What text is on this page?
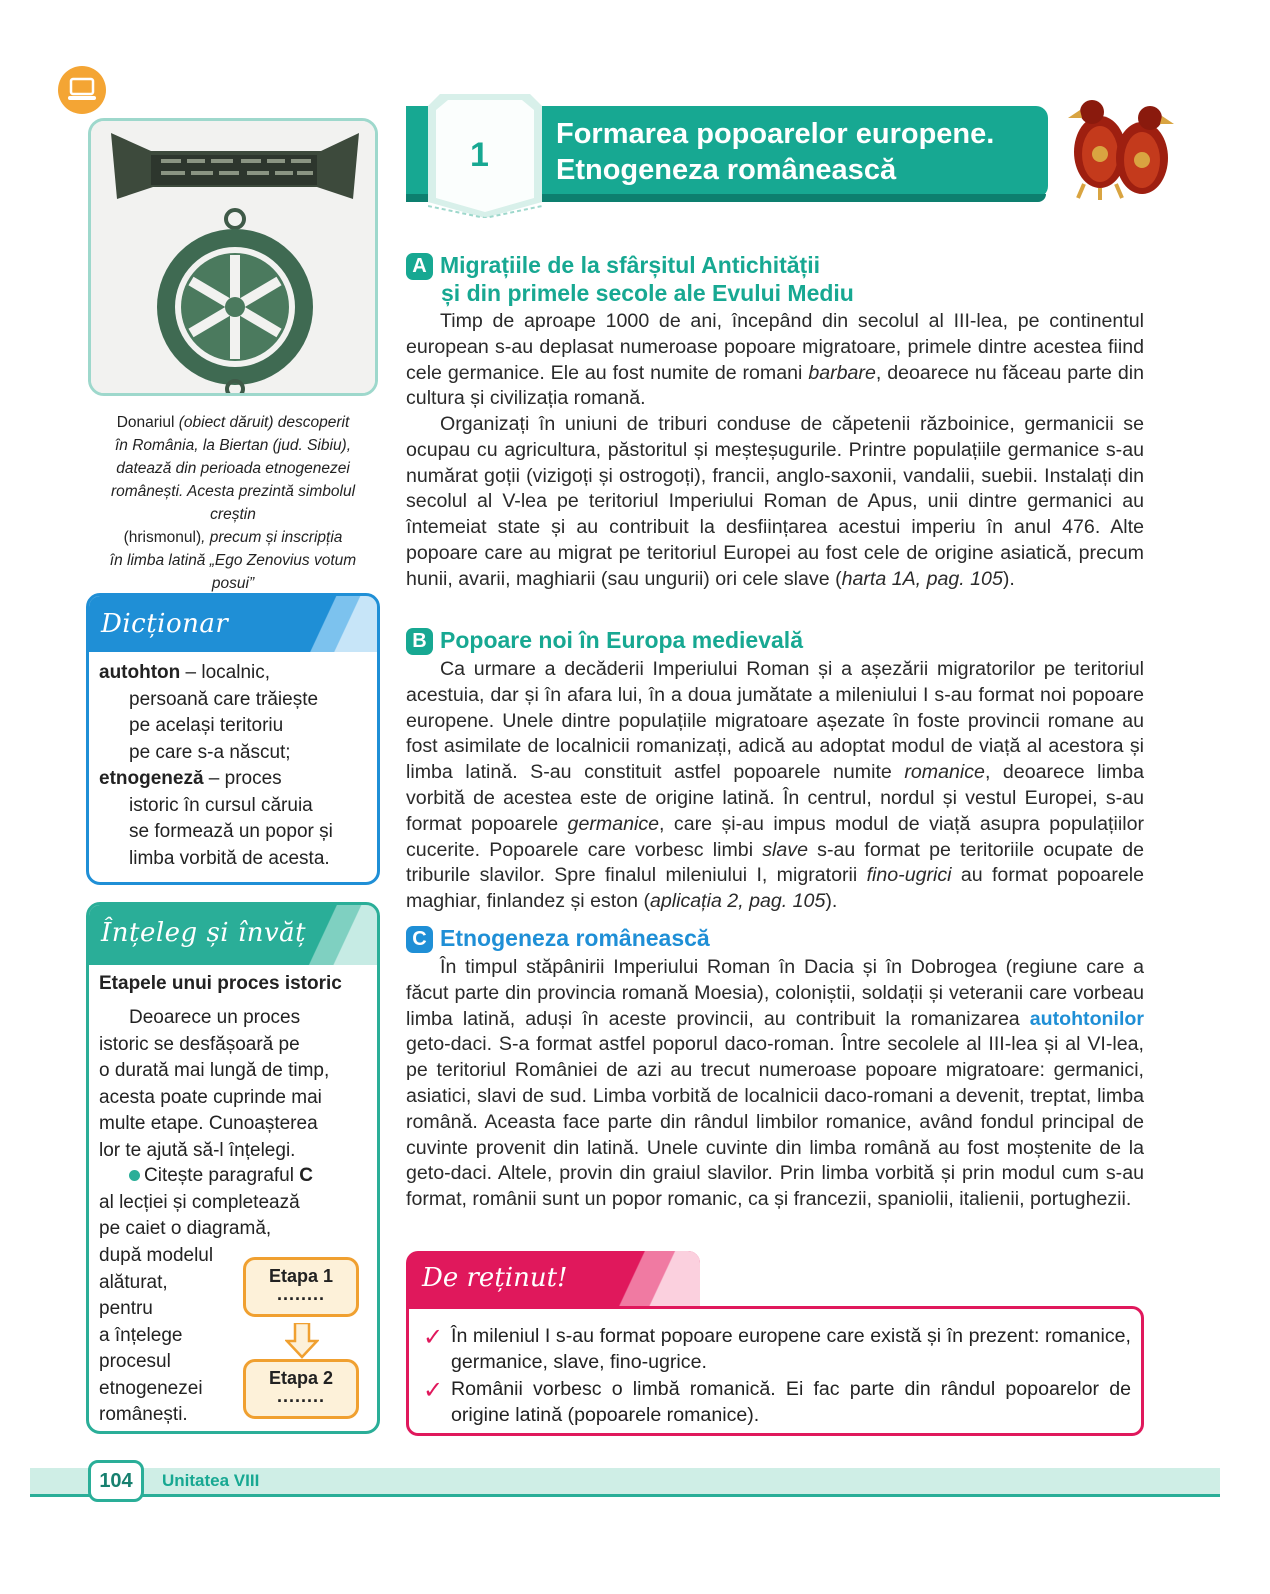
Donariul (obiect dăruit) descoperit
în România, la Biertan (jud. Sibiu),
datează din perioada etnogenezei
românești. Acesta prezintă simbolul creștin
(hrismonul), precum și inscripția
în limba latină „Ego Zenovius votum posui”
Dicționar
autohton – localnic,
persoană care trăiește
pe același teritoriu
pe care s-a născut;
etnogeneză – proces
istoric în cursul căruia
se formează un popor și
limba vorbită de acesta.
Înțeleg și învăț
Etapele unui proces istoric
Deoarece un proces
istoric se desfășoară pe
o durată mai lungă de timp,
acesta poate cuprinde mai
multe etape. Cunoașterea
lor te ajută să-l înțelegi.
Citește paragraful C
al lecției și completează
pe caiet o diagramă,
după modelul
alăturat,
pentru
a înțelege
procesul
etnogenezei
românești.
Etapa 1
........
Etapa 2
........
1
Formarea popoarelor europene.
Etnogeneza românească
A Migrațiile de la sfârșitul Antichității
și din primele secole ale Evului Mediu
Timp de aproape 1000 de ani, începând din secolul al III-lea, pe continentul european s-au deplasat numeroase popoare migratoare, primele dintre acestea fiind cele germanice. Ele au fost numite de romani barbare, deoarece nu făceau parte din cultura și civilizația romană.
Organizați în uniuni de triburi conduse de căpetenii războinice, germanicii se ocupau cu agricultura, păstoritul și meșteșugurile. Printre populațiile germanice s-au numărat goții (vizigoți și ostrogoți), francii, anglo-saxonii, vandalii, suebii. Instalați din secolul al V-lea pe teritoriul Imperiului Roman de Apus, unii dintre germanici au întemeiat state și au contribuit la desființarea acestui imperiu în anul 476. Alte popoare care au migrat pe teritoriul Europei au fost cele de origine asiatică, precum hunii, avarii, maghiarii (sau ungurii) ori cele slave (harta 1A, pag. 105).
B Popoare noi în Europa medievală
Ca urmare a decăderii Imperiului Roman și a așezării migratorilor pe teritoriul acestuia, dar și în afara lui, în a doua jumătate a mileniului I s-au format noi popoare europene. Unele dintre populațiile migratoare așezate în foste provincii romane au fost asimilate de localnicii romanizați, adică au adoptat modul de viață al acestora și limba latină. S-au constituit astfel popoarele numite romanice, deoarece limba vorbită de acestea este de origine latină. În centrul, nordul și vestul Europei, s-au format popoarele germanice, care și-au impus modul de viață asupra populațiilor cucerite. Popoarele care vorbesc limbi slave s-au format pe teritoriile ocupate de triburile slavilor. Spre finalul mileniului I, migratorii fino-ugrici au format popoarele maghiar, finlandez și eston (aplicația 2, pag. 105).
C Etnogeneza românească
În timpul stăpânirii Imperiului Roman în Dacia și în Dobrogea (regiune care a făcut parte din provincia romană Moesia), coloniștii, soldații și veteranii care vorbeau limba latină, aduși în aceste provincii, au contribuit la romanizarea autohtonilor geto-daci. S-a format astfel poporul daco-roman. Între secolele al III-lea și al VI-lea, pe teritoriul României de azi au trecut numeroase popoare migratoare: germanici, asiatici, slavi de sud. Limba vorbită de localnicii daco-romani a devenit, treptat, limba română. Aceasta face parte din rândul limbilor romanice, având fondul principal de cuvinte provenit din latină. Unele cuvinte din limba română au fost moștenite de la geto-daci. Altele, provin din graiul slavilor. Prin limba vorbită și prin modul cum s-au format, românii sunt un popor romanic, ca și francezii, spaniolii, italienii, portughezii.
De reținut!
✓ În mileniul I s-au format popoare europene care există și în prezent: romanice, germanice, slave, fino-ugrice.
✓ Românii vorbesc o limbă romanică. Ei fac parte din rândul popoarelor de origine latină (popoarele romanice).
104	Unitatea VIII
